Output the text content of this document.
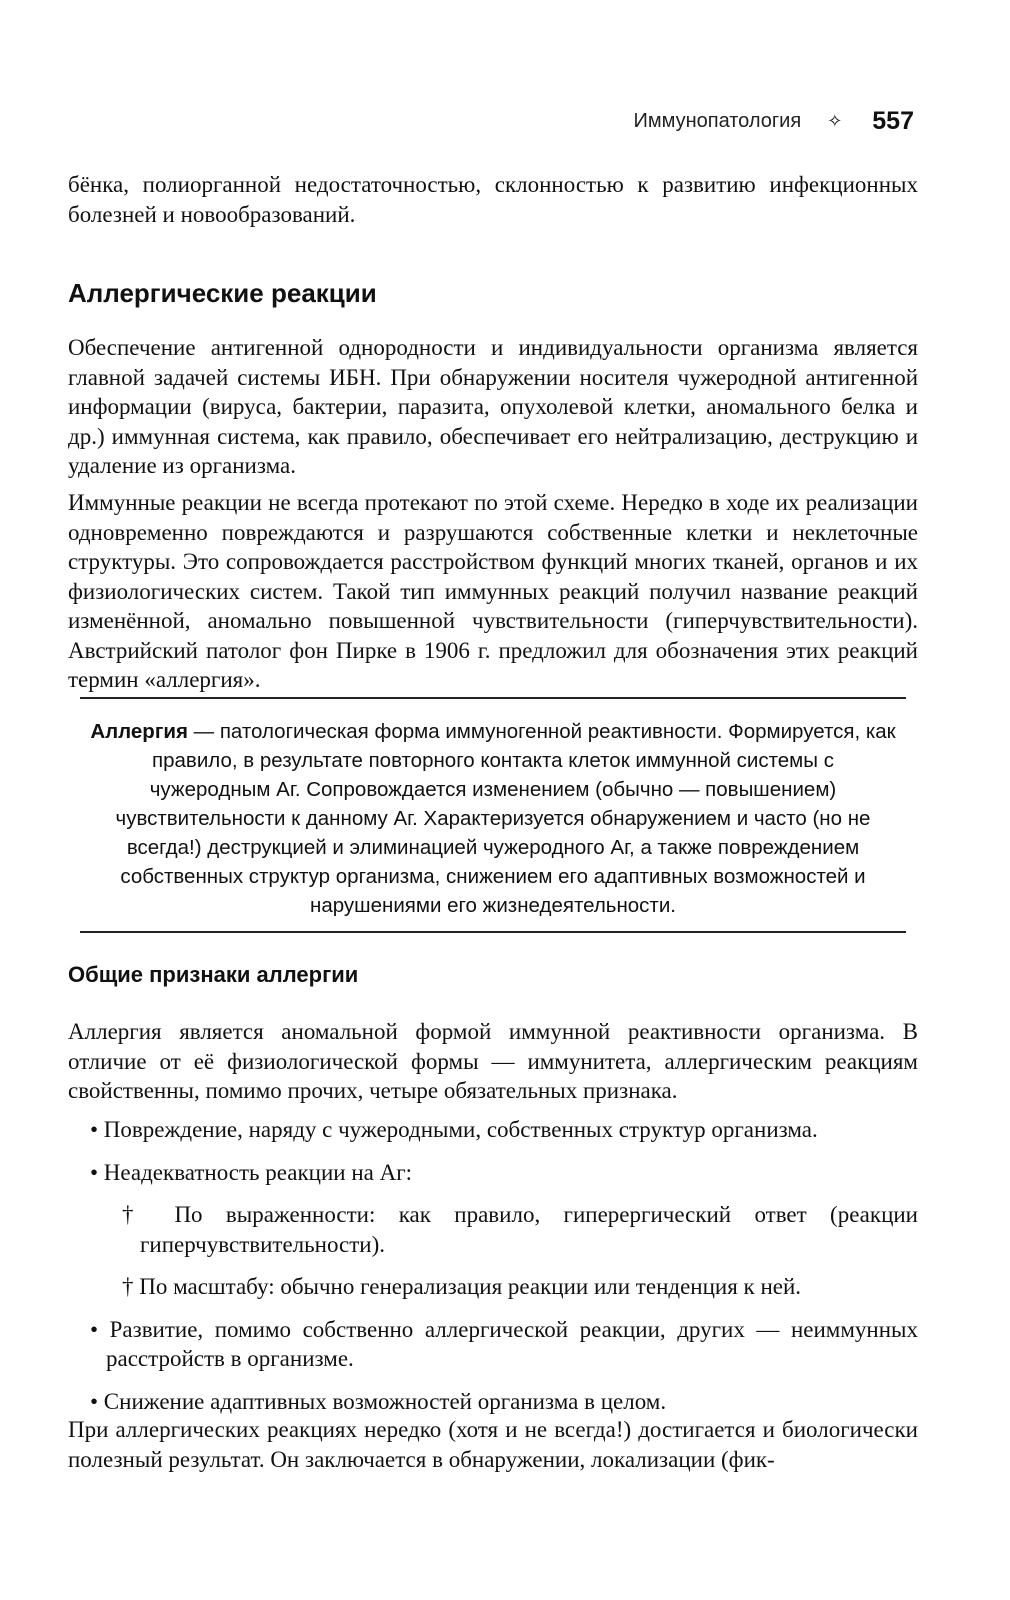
Иммунопатология ✧ 557

бёнка, полиорганной недостаточностью, склонностью к развитию инфекционных болезней и новообразований.

Аллергические реакции

Обеспечение антигенной однородности и индивидуальности организма является главной задачей системы ИБН. При обнаружении носителя чужеродной антигенной информации (вируса, бактерии, паразита, опухолевой клетки, аномального белка и др.) иммунная система, как правило, обеспечивает его нейтрализацию, деструкцию и удаление из организма.

Иммунные реакции не всегда протекают по этой схеме. Нередко в ходе их реализации одновременно повреждаются и разрушаются собственные клетки и неклеточные структуры. Это сопровождается расстройством функций многих тканей, органов и их физиологических систем. Такой тип иммунных реакций получил название реакций изменённой, аномально повышенной чувствительности (гиперчувствительности). Австрийский патолог фон Пирке в 1906 г. предложил для обозначения этих реакций термин «аллергия».

Аллергия — патологическая форма иммуногенной реактивности. Формируется, как правило, в результате повторного контакта клеток иммунной системы с чужеродным Аг. Сопровождается изменением (обычно — повышением) чувствительности к данному Аг. Характеризуется обнаружением и часто (но не всегда!) деструкцией и элиминацией чужеродного Аг, а также повреждением собственных структур организма, снижением его адаптивных возможностей и нарушениями его жизнедеятельности.

Общие признаки аллергии

Аллергия является аномальной формой иммунной реактивности организма. В отличие от её физиологической формы — иммунитета, аллергическим реакциям свойственны, помимо прочих, четыре обязательных признака.

• Повреждение, наряду с чужеродными, собственных структур организма.
• Неадекватность реакции на Аг:
† По выраженности: как правило, гиперергический ответ (реакции гиперчувствительности).
† По масштабу: обычно генерализация реакции или тенденция к ней.
• Развитие, помимо собственно аллергической реакции, других — неиммунных расстройств в организме.
• Снижение адаптивных возможностей организма в целом.

При аллергических реакциях нередко (хотя и не всегда!) достигается и биологически полезный результат. Он заключается в обнаружении, локализации (фик-
